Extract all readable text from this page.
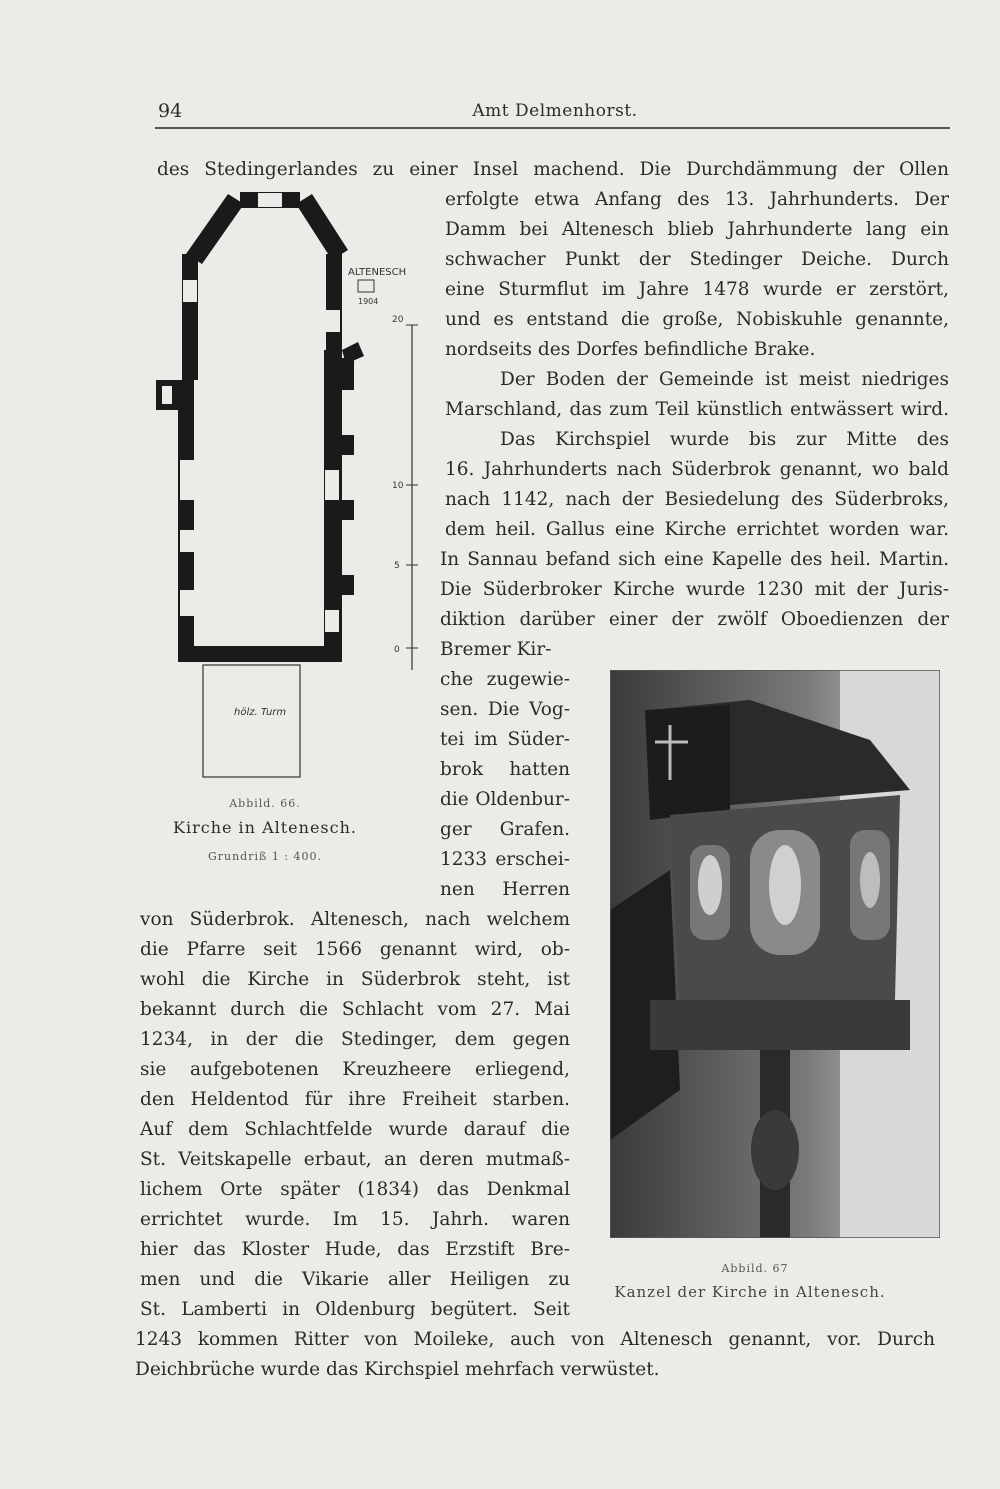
94	Amt Delmenhorst.
des Stedingerlandes zu einer Insel machend. Die Durchdämmung der Ollen
erfolgte etwa Anfang des 13. Jahrhunderts. Der
Damm bei Altenesch blieb Jahrhunderte lang ein
schwacher Punkt der Stedinger Deiche. Durch
eine Sturmflut im Jahre 1478 wurde er zerstört,
und es entstand die große, Nobiskuhle genannte,
nordseits des Dorfes befindliche Brake.
Der Boden der Gemeinde ist meist niedriges
Marschland, das zum Teil künstlich entwässert wird.
Das Kirchspiel wurde bis zur Mitte des
16. Jahrhunderts nach Süderbrok genannt, wo bald
nach 1142, nach der Besiedelung des Süderbroks,
dem heil. Gallus eine Kirche errichtet worden war.
In Sannau befand sich eine Kapelle des heil. Martin.
Die Süderbroker Kirche wurde 1230 mit der Juris-
diktion darüber einer der zwölf Oboedienzen der
Bremer Kir-
che zugewie-
sen. Die Vog-
tei im Süder-
brok hatten
die Oldenbur-
ger Grafen.
1233 erschei-
nen Herren
von Süderbrok. Altenesch, nach welchem
die Pfarre seit 1566 genannt wird, ob-
wohl die Kirche in Süderbrok steht, ist
bekannt durch die Schlacht vom 27. Mai
1234, in der die Stedinger, dem gegen
sie aufgebotenen Kreuzheere erliegend,
den Heldentod für ihre Freiheit starben.
Auf dem Schlachtfelde wurde darauf die
St. Veitskapelle erbaut, an deren mutmaß-
lichem Orte später (1834) das Denkmal
errichtet wurde. Im 15. Jahrh. waren
hier das Kloster Hude, das Erzstift Bre-
men und die Vikarie aller Heiligen zu
St. Lamberti in Oldenburg begütert. Seit
1243 kommen Ritter von Moileke, auch von Altenesch genannt, vor. Durch
Deichbrüche wurde das Kirchspiel mehrfach verwüstet.
hölz. Turm
ALTENESCH
1904
20
10
5
0
Abbild. 66.
Kirche in Altenesch.
Grundriß 1 : 400.
Abbild. 67
Kanzel der Kirche in Altenesch.
